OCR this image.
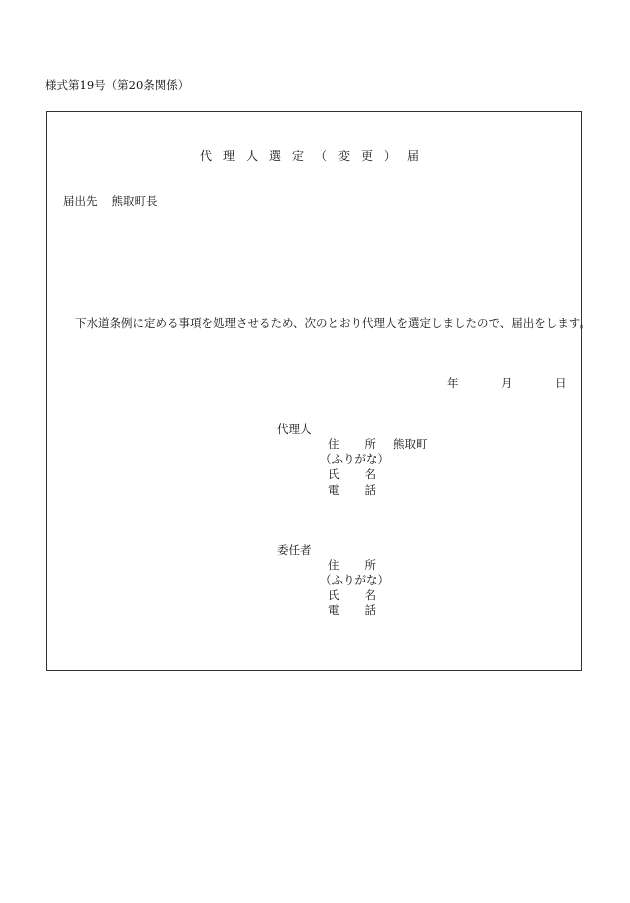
様式第19号（第20条関係）
代理人選定（変更）届
届出先 熊取町長
下水道条例に定める事項を処理させるため、次のとおり代理人を選定しましたので、届出をします。
年	月	日
代理人
住 所 熊取町
（ふりがな）
氏 名
電 話
委任者
住 所
（ふりがな）
氏 名
電 話
